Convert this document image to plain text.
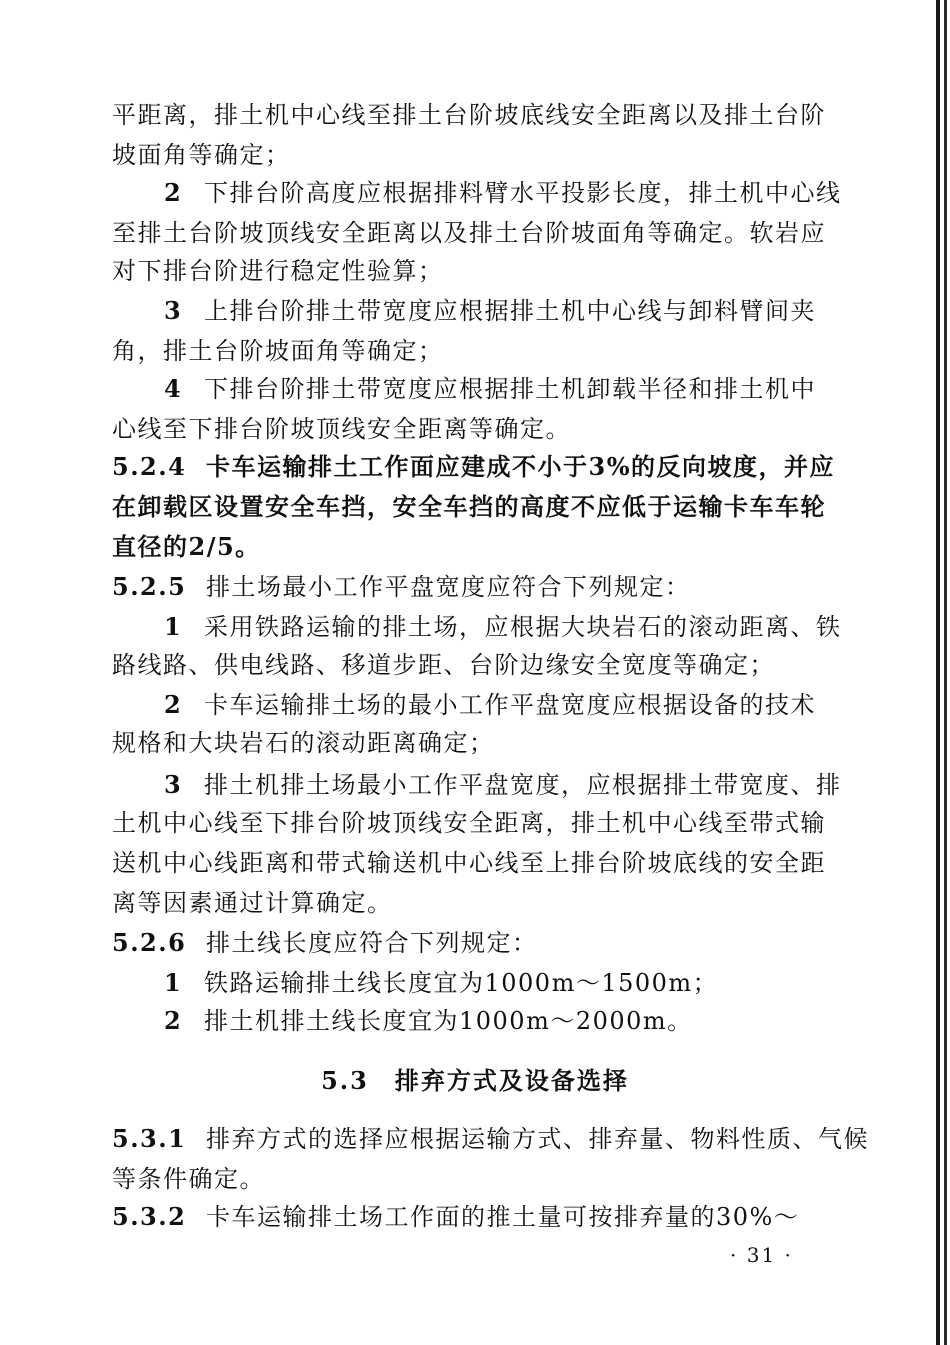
平距离，排土机中心线至排土台阶坡底线安全距离以及排土台阶
坡面角等确定；
2 下排台阶高度应根据排料臂水平投影长度，排土机中心线
至排土台阶坡顶线安全距离以及排土台阶坡面角等确定。软岩应
对下排台阶进行稳定性验算；
3 上排台阶排土带宽度应根据排土机中心线与卸料臂间夹
角，排土台阶坡面角等确定；
4 下排台阶排土带宽度应根据排土机卸载半径和排土机中
心线至下排台阶坡顶线安全距离等确定。
5.2.4 卡车运输排土工作面应建成不小于3%的反向坡度，并应
在卸载区设置安全车挡，安全车挡的高度不应低于运输卡车车轮
直径的2/5。
5.2.5 排土场最小工作平盘宽度应符合下列规定：
1 采用铁路运输的排土场，应根据大块岩石的滚动距离、铁
路线路、供电线路、移道步距、台阶边缘安全宽度等确定；
2 卡车运输排土场的最小工作平盘宽度应根据设备的技术
规格和大块岩石的滚动距离确定；
3 排土机排土场最小工作平盘宽度，应根据排土带宽度、排
土机中心线至下排台阶坡顶线安全距离，排土机中心线至带式输
送机中心线距离和带式输送机中心线至上排台阶坡底线的安全距
离等因素通过计算确定。
5.2.6 排土线长度应符合下列规定：
1 铁路运输排土线长度宜为1000m～1500m；
2 排土机排土线长度宜为1000m～2000m。
5.3 排弃方式及设备选择
5.3.1 排弃方式的选择应根据运输方式、排弃量、物料性质、气候
等条件确定。
5.3.2 卡车运输排土场工作面的推土量可按排弃量的30%～
· 31 ·
